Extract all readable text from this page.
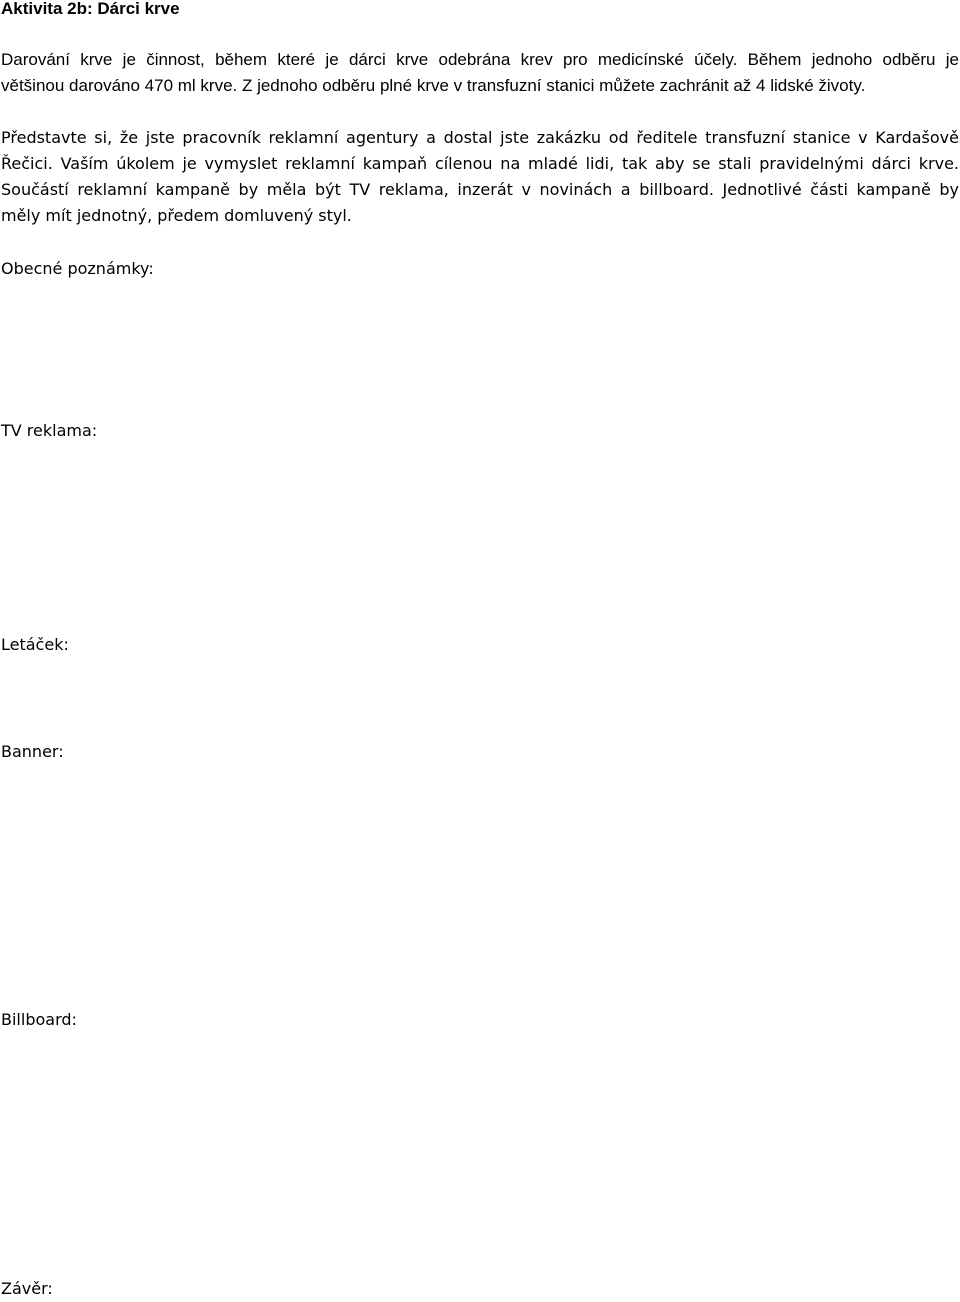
Aktivita 2b: Dárci krve
Darování krve je činnost, během které je dárci krve odebrána krev pro medicínské účely. Během jednoho odběru je
většinou darováno 470 ml krve. Z jednoho odběru plné krve v transfuzní stanici můžete zachránit až 4 lidské životy.
Představte si, že jste pracovník reklamní agentury a dostal jste zakázku od ředitele transfuzní stanice v Kardašově
Řečici. Vaším úkolem je vymyslet reklamní kampaň cílenou na mladé lidi, tak aby se stali pravidelnými dárci krve.
Součástí reklamní kampaně by měla být TV reklama, inzerát v novinách a billboard. Jednotlivé části kampaně by
měly mít jednotný, předem domluvený styl.
Obecné poznámky:
TV reklama:
Letáček:
Banner:
Billboard:
Závěr:
